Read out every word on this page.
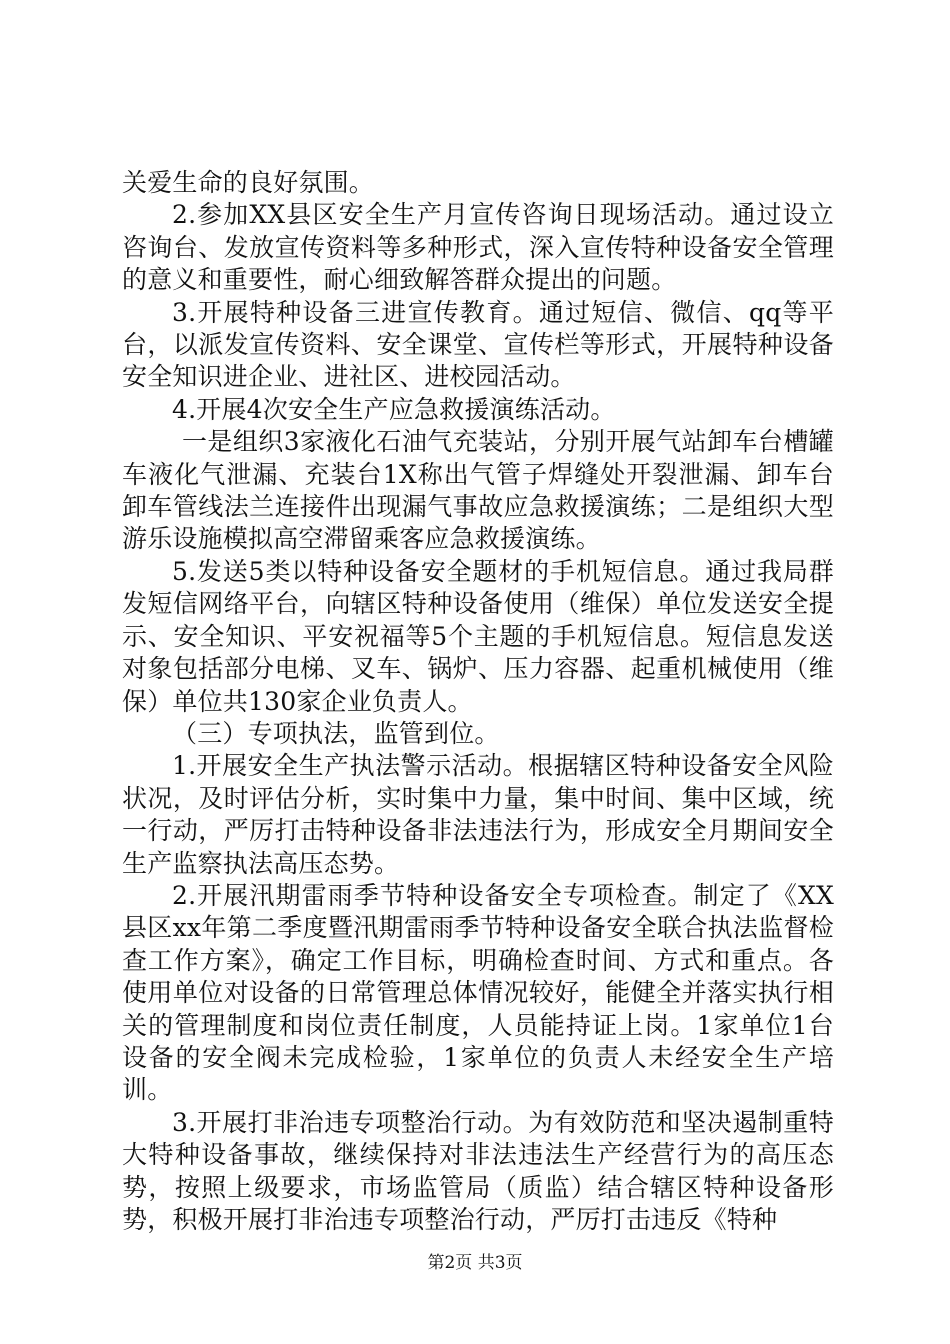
关爱生命的良好氛围。

2.参加XX县区安全生产月宣传咨询日现场活动。通过设立咨询台、发放宣传资料等多种形式，深入宣传特种设备安全管理的意义和重要性，耐心细致解答群众提出的问题。

3.开展特种设备三进宣传教育。通过短信、微信、qq等平台，以派发宣传资料、安全课堂、宣传栏等形式，开展特种设备安全知识进企业、进社区、进校园活动。

4.开展4次安全生产应急救援演练活动。

一是组织3家液化石油气充装站，分别开展气站卸车台槽罐车液化气泄漏、充装台1X称出气管子焊缝处开裂泄漏、卸车台卸车管线法兰连接件出现漏气事故应急救援演练；二是组织大型游乐设施模拟高空滞留乘客应急救援演练。

5.发送5类以特种设备安全题材的手机短信息。通过我局群发短信网络平台，向辖区特种设备使用（维保）单位发送安全提示、安全知识、平安祝福等5个主题的手机短信息。短信息发送对象包括部分电梯、叉车、锅炉、压力容器、起重机械使用（维保）单位共130家企业负责人。

（三）专项执法，监管到位。

1.开展安全生产执法警示活动。根据辖区特种设备安全风险状况，及时评估分析，实时集中力量，集中时间、集中区域，统一行动，严厉打击特种设备非法违法行为，形成安全月期间安全生产监察执法高压态势。

2.开展汛期雷雨季节特种设备安全专项检查。制定了《XX县区xx年第二季度暨汛期雷雨季节特种设备安全联合执法监督检查工作方案》，确定工作目标，明确检查时间、方式和重点。各使用单位对设备的日常管理总体情况较好，能健全并落实执行相关的管理制度和岗位责任制度，人员能持证上岗。1家单位1台设备的安全阀未完成检验，1家单位的负责人未经安全生产培训。

3.开展打非治违专项整治行动。为有效防范和坚决遏制重特大特种设备事故，继续保持对非法违法生产经营行为的高压态势，按照上级要求，市场监管局（质监）结合辖区特种设备形势，积极开展打非治违专项整治行动，严厉打击违反《特种

第2页 共3页
